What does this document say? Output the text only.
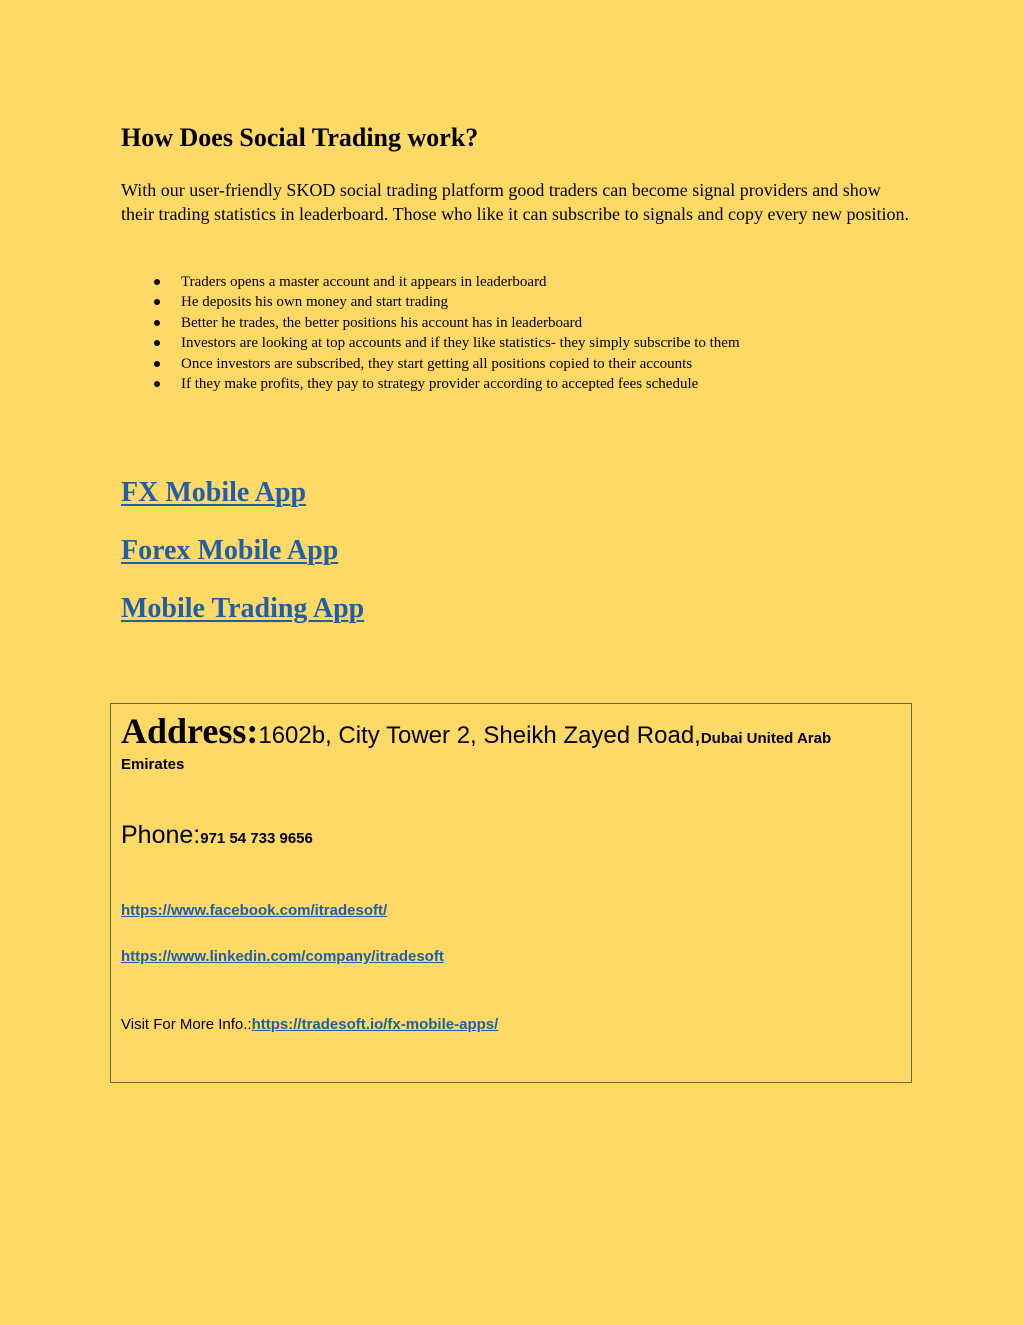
How Does Social Trading work?

With our user-friendly SKOD social trading platform good traders can become signal providers and show their trading statistics in leaderboard. Those who like it can subscribe to signals and copy every new position.

Traders opens a master account and it appears in leaderboard
He deposits his own money and start trading
Better he trades, the better positions his account has in leaderboard
Investors are looking at top accounts and if they like statistics- they simply subscribe to them
Once investors are subscribed, they start getting all positions copied to their accounts
If they make profits, they pay to strategy provider according to accepted fees schedule
FX Mobile App
Forex Mobile App
Mobile Trading App

Address:1602b, City Tower 2, Sheikh Zayed Road,Dubai United Arab
Emirates

Phone:971 54 733 9656

https://www.facebook.com/itradesoft/
https://www.linkedin.com/company/itradesoft

Visit For More Info.:https://tradesoft.io/fx-mobile-apps/
